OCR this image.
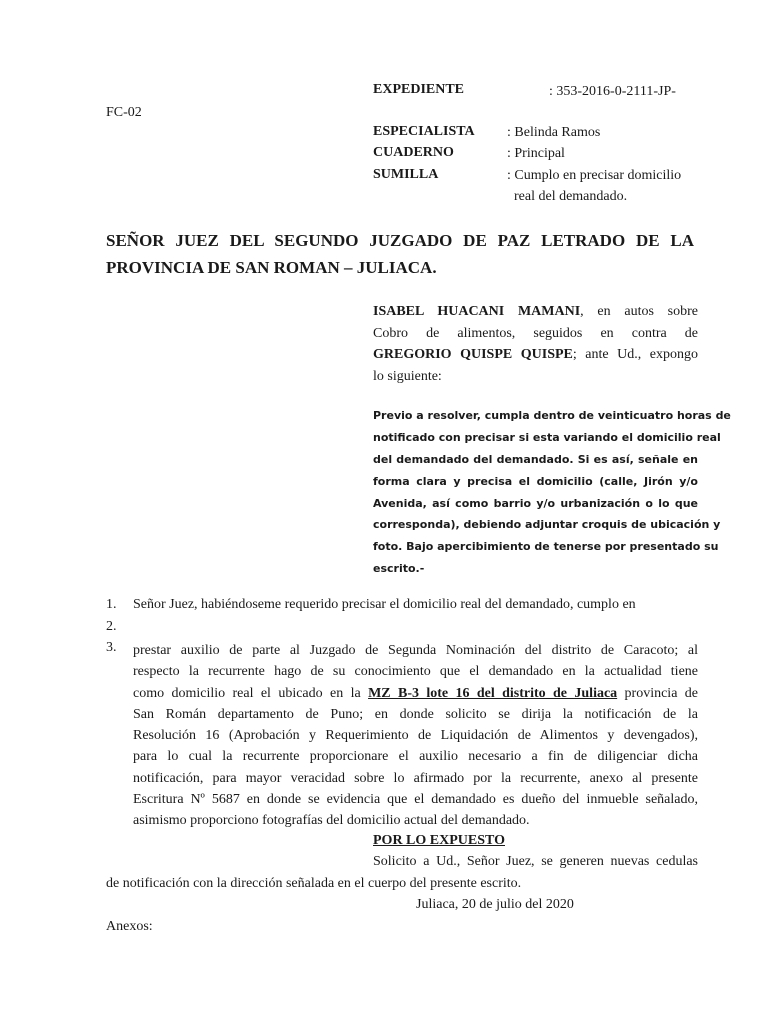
EXPEDIENTE	: 353-2016-0-2111-JP-
FC-02
ESPECIALISTA : Belinda Ramos
CUADERNO	: Principal
SUMILLA	: Cumplo en precisar domicilio
real del demandado.
SEÑOR JUEZ DEL SEGUNDO JUZGADO DE PAZ LETRADO DE LA
PROVINCIA DE SAN ROMAN – JULIACA.
ISABEL HUACANI MAMANI, en autos sobre
Cobro de alimentos, seguidos en contra de
GREGORIO QUISPE QUISPE; ante Ud., expongo
lo siguiente:
Previo a resolver, cumpla dentro de veinticuatro horas de
notificado con precisar si esta variando el domicilio real
del demandado del demandado. Si es así, señale en
forma clara y precisa el domicilio (calle, Jirón y/o
Avenida, así como barrio y/o urbanización o lo que
corresponda), debiendo adjuntar croquis de ubicación y
foto. Bajo apercibimiento de tenerse por presentado su
escrito.-
1. Señor Juez, habiéndoseme requerido precisar el domicilio real del demandado, cumplo en
2.
3. prestar auxilio de parte al Juzgado de Segunda Nominación del distrito de Caracoto; al
respecto la recurrente hago de su conocimiento que el demandado en la actualidad tiene
como domicilio real el ubicado en la MZ B-3 lote 16 del distrito de Juliaca provincia de
San Román departamento de Puno; en donde solicito se dirija la notificación de la
Resolución 16 (Aprobación y Requerimiento de Liquidación de Alimentos y devengados),
para lo cual la recurrente proporcionare el auxilio necesario a fin de diligenciar dicha
notificación, para mayor veracidad sobre lo afirmado por la recurrente, anexo al presente
Escritura Nº 5687 en donde se evidencia que el demandado es dueño del inmueble señalado,
asimismo proporciono fotografías del domicilio actual del demandado.
POR LO EXPUESTO
Solicito a Ud., Señor Juez, se generen nuevas cedulas
de notificación con la dirección señalada en el cuerpo del presente escrito.
Juliaca, 20 de julio del 2020
Anexos:
